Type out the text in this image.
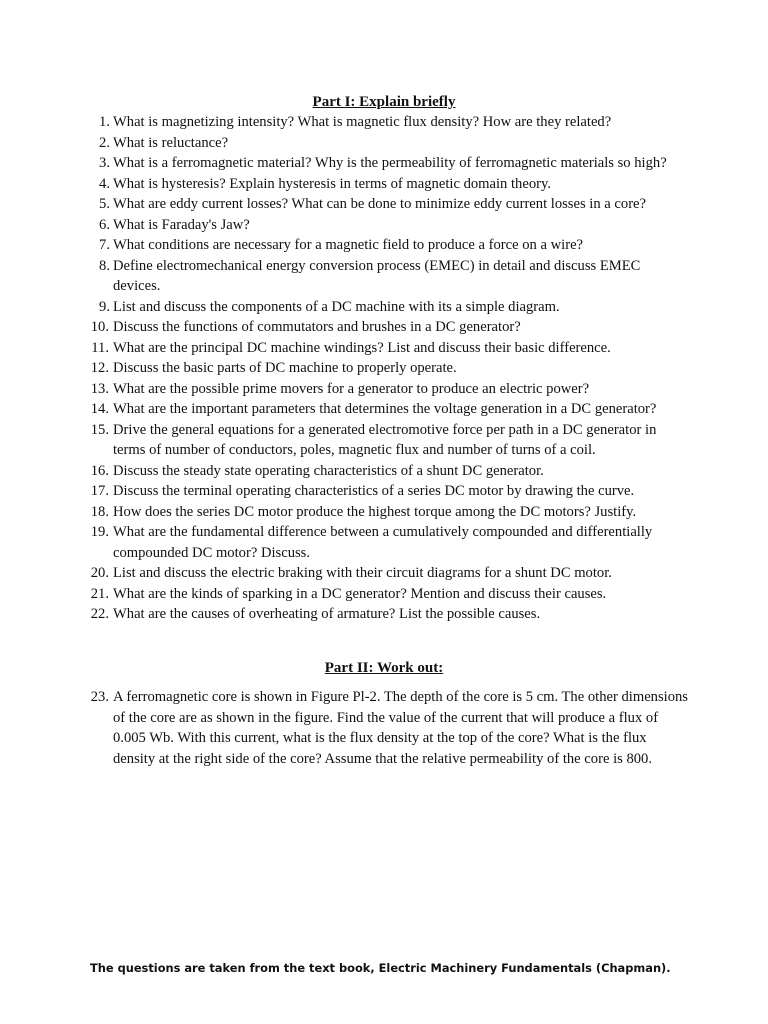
Part I: Explain briefly
1. What is magnetizing intensity? What is magnetic flux density? How are they related?
2. What is reluctance?
3. What is a ferromagnetic material? Why is the permeability of ferromagnetic materials so high?
4. What is hysteresis? Explain hysteresis in terms of magnetic domain theory.
5. What are eddy current losses? What can be done to minimize eddy current losses in a core?
6. What is Faraday's Jaw?
7. What conditions are necessary for a magnetic field to produce a force on a wire?
8. Define electromechanical energy conversion process (EMEC) in detail and discuss EMEC devices.
9. List and discuss the components of a DC machine with its a simple diagram.
10. Discuss the functions of commutators and brushes in a DC generator?
11. What are the principal DC machine windings? List and discuss their basic difference.
12. Discuss the basic parts of DC machine to properly operate.
13. What are the possible prime movers for a generator to produce an electric power?
14. What are the important parameters that determines the voltage generation in a DC generator?
15. Drive the general equations for a generated electromotive force per path in a DC generator in terms of number of conductors, poles, magnetic flux and number of turns of a coil.
16. Discuss the steady state operating characteristics of a shunt DC generator.
17. Discuss the terminal operating characteristics of a series DC motor by drawing the curve.
18. How does the series DC motor produce the highest torque among the DC motors? Justify.
19. What are the fundamental difference between a cumulatively compounded and differentially compounded DC motor? Discuss.
20. List and discuss the electric braking with their circuit diagrams for a shunt DC motor.
21. What are the kinds of sparking in a DC generator? Mention and discuss their causes.
22. What are the causes of overheating of armature? List the possible causes.
Part II: Work out:
23. A ferromagnetic core is shown in Figure Pl-2. The depth of the core is 5 cm. The other dimensions of the core are as shown in the figure. Find the value of the current that will produce a flux of 0.005 Wb. With this current, what is the flux density at the top of the core? What is the flux density at the right side of the core? Assume that the relative permeability of the core is 800.
The questions are taken from the text book, Electric Machinery Fundamentals (Chapman).
